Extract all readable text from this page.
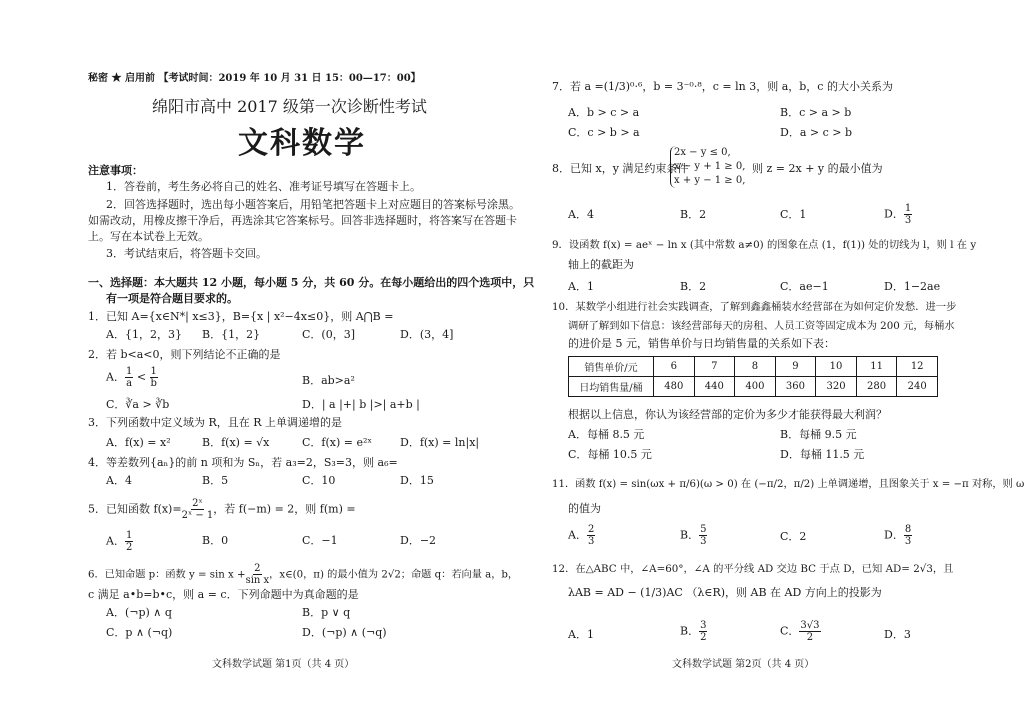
秘密 ★ 启用前 【考试时间：2019 年 10 月 31 日 15：00—17：00】
绵阳市高中 2017 级第一次诊断性考试
文科数学
注意事项：
1．答卷前，考生务必将自己的姓名、准考证号填写在答题卡上。
2．回答选择题时，选出每小题答案后，用铅笔把答题卡上对应题目的答案标号涂黑。
如需改动，用橡皮擦干净后，再选涂其它答案标号。回答非选择题时，将答案写在答题卡
上。写在本试卷上无效。
3．考试结束后，将答题卡交回。
一、选择题：本大题共 12 小题，每小题 5 分，共 60 分。在每小题给出的四个选项中，只
有一项是符合题目要求的。
1．已知 A={x∈N*| x≤3}，B={x | x²−4x≤0}，则 A⋂B =
A．{1，2，3} B．{1，2}	C．(0，3]	D．(3，4]
2．若 b<a<0，则下列结论不正确的是
A． $\frac{1}{a} < \frac{1}{b}$	B．ab>a²
C．∛a > ∛b	D．| a |+| b |>| a+b |
3．下列函数中定义域为 R，且在 R 上单调递增的是
A．f(x) = x²	B．f(x) = √x	C．f(x) = e²ˣ	D．f(x) = ln|x|
4．等差数列{aₙ}的前 n 项和为 Sₙ，若 a₃=2，S₃=3，则 a₆=
A．4	B．5	C．10	D．15
5．已知函数 $f(x)= \frac{\text{2ˣ}}{\text{2ˣ − 1}}$ ，若 f(−m) = 2，则 f(m) =
A． $\frac{1}{2}$	B．0	C．−1	D．−2
6．已知命题 p：函数 $y = \sin x + \frac{2}{\text{sin x}}$ ，x∈(0，π) 的最小值为 2√2；命题 q：若向量 a，b，
c 满足 a•b=b•c，则 a = c．下列命题中为真命题的是
A．(¬p) ∧ q	B．p ∨ q
C．p ∧ (¬q)	D．(¬p) ∧ (¬q)
文科数学试题 第1页（共 4 页）
7．若 a =(1/3)⁰·⁶，b = 3⁻⁰·⁸，c = ln 3，则 a，b，c 的大小关系为
A．b > c > a	B．c > a > b
C．c > b > a	D．a > c > b
8．已知 x，y 满足约束条件
2x − y ≤ 0,
x − y + 1 ≥ 0,
x + y − 1 ≥ 0,
则 z = 2x + y 的最小值为
A．4	B．2	C．1	D． $\frac{1}{3}$
9．设函数 f(x) = aeˣ − ln x (其中常数 a≠0) 的图象在点 (1，f(1)) 处的切线为 l，则 l 在 y
轴上的截距为
A．1	B．2	C．ae−1	D．1−2ae
10．某数学小组进行社会实践调查，了解到鑫鑫桶装水经营部在为如何定价发愁．进一步
调研了解到如下信息：该经营部每天的房租、人员工资等固定成本为 200 元，每桶水
的进价是 5 元，销售单价与日均销售量的关系如下表：
销售单价/元	6	7	8	9	10	11	12
日均销售量/桶	480	440	400	360	320	280	240
根据以上信息，你认为该经营部的定价为多少才能获得最大利润？
A．每桶 8.5 元	B．每桶 9.5 元
C．每桶 10.5 元	D．每桶 11.5 元
11．函数 f(x) = sin(ωx + π/6)(ω > 0) 在 (−π/2，π/2) 上单调递增，且图象关于 x = −π 对称，则 ω
的值为
A． $\frac{2}{3}$	B． $\frac{5}{3}$	C．2	D． $\frac{8}{3}$
12．在△ABC 中，∠A=60°，∠A 的平分线 AD 交边 BC 于点 D，已知 AD= 2√3，且
λAB = AD − (1/3)AC （λ∈R)，则 AB 在 AD 方向上的投影为
A．1	B． $\frac{3}{2}$	C． $\frac{3√3}{2}$	D．3
文科数学试题 第2页（共 4 页）
